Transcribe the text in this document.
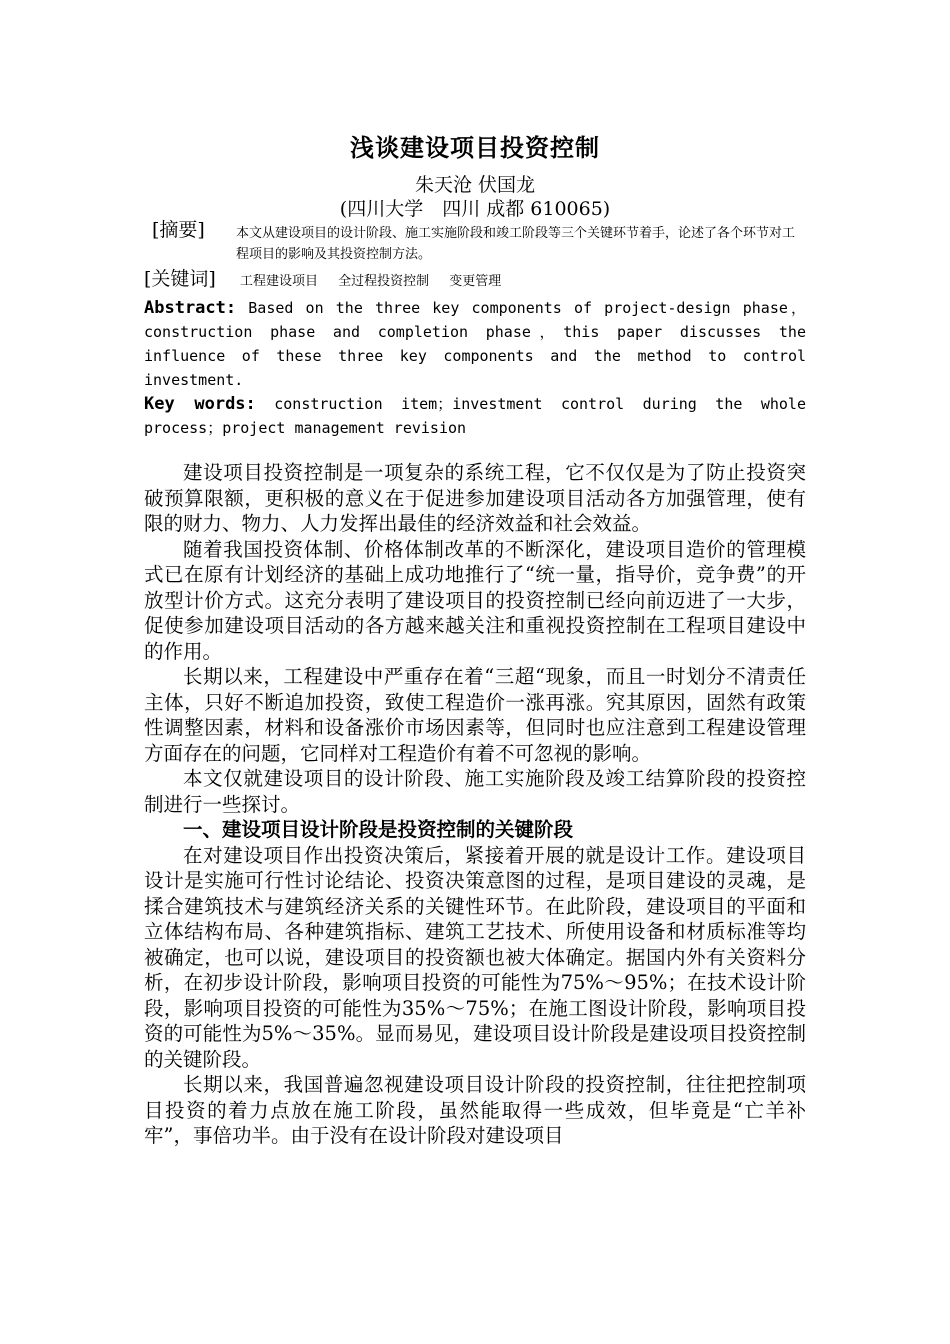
浅谈建设项目投资控制

朱天沧 伏国龙

(四川大学　四川 成都 610065)

[摘要] 本文从建设项目的设计阶段、施工实施阶段和竣工阶段等三个关键环节着手，论述了各个环节对工程项目的影响及其投资控制方法。

[关键词] 工程建设项目 全过程投资控制 变更管理

Abstract: Based on the three key components of project-design phase，construction phase and completion phase，this paper discusses the influence of these three key components and the method to control investment.

Key words: construction item；investment control during the whole process；project management revision

建设项目投资控制是一项复杂的系统工程，它不仅仅是为了防止投资突破预算限额，更积极的意义在于促进参加建设项目活动各方加强管理，使有限的财力、物力、人力发挥出最佳的经济效益和社会效益。

随着我国投资体制、价格体制改革的不断深化，建设项目造价的管理模式已在原有计划经济的基础上成功地推行了“统一量，指导价，竞争费”的开放型计价方式。这充分表明了建设项目的投资控制已经向前迈进了一大步，促使参加建设项目活动的各方越来越关注和重视投资控制在工程项目建设中的作用。

长期以来，工程建设中严重存在着“三超“现象，而且一时划分不清责任主体，只好不断追加投资，致使工程造价一涨再涨。究其原因，固然有政策性调整因素，材料和设备涨价市场因素等，但同时也应注意到工程建设管理方面存在的问题，它同样对工程造价有着不可忽视的影响。

本文仅就建设项目的设计阶段、施工实施阶段及竣工结算阶段的投资控制进行一些探讨。

一、建设项目设计阶段是投资控制的关键阶段

在对建设项目作出投资决策后，紧接着开展的就是设计工作。建设项目设计是实施可行性讨论结论、投资决策意图的过程，是项目建设的灵魂，是揉合建筑技术与建筑经济关系的关键性环节。在此阶段，建设项目的平面和立体结构布局、各种建筑指标、建筑工艺技术、所使用设备和材质标准等均被确定，也可以说，建设项目的投资额也被大体确定。据国内外有关资料分析，在初步设计阶段，影响项目投资的可能性为75%～95%；在技术设计阶段，影响项目投资的可能性为35%～75%；在施工图设计阶段，影响项目投资的可能性为5%～35%。显而易见，建设项目设计阶段是建设项目投资控制的关键阶段。

长期以来，我国普遍忽视建设项目设计阶段的投资控制，往往把控制项目投资的着力点放在施工阶段，虽然能取得一些成效，但毕竟是“亡羊补牢”，事倍功半。由于没有在设计阶段对建设项目
